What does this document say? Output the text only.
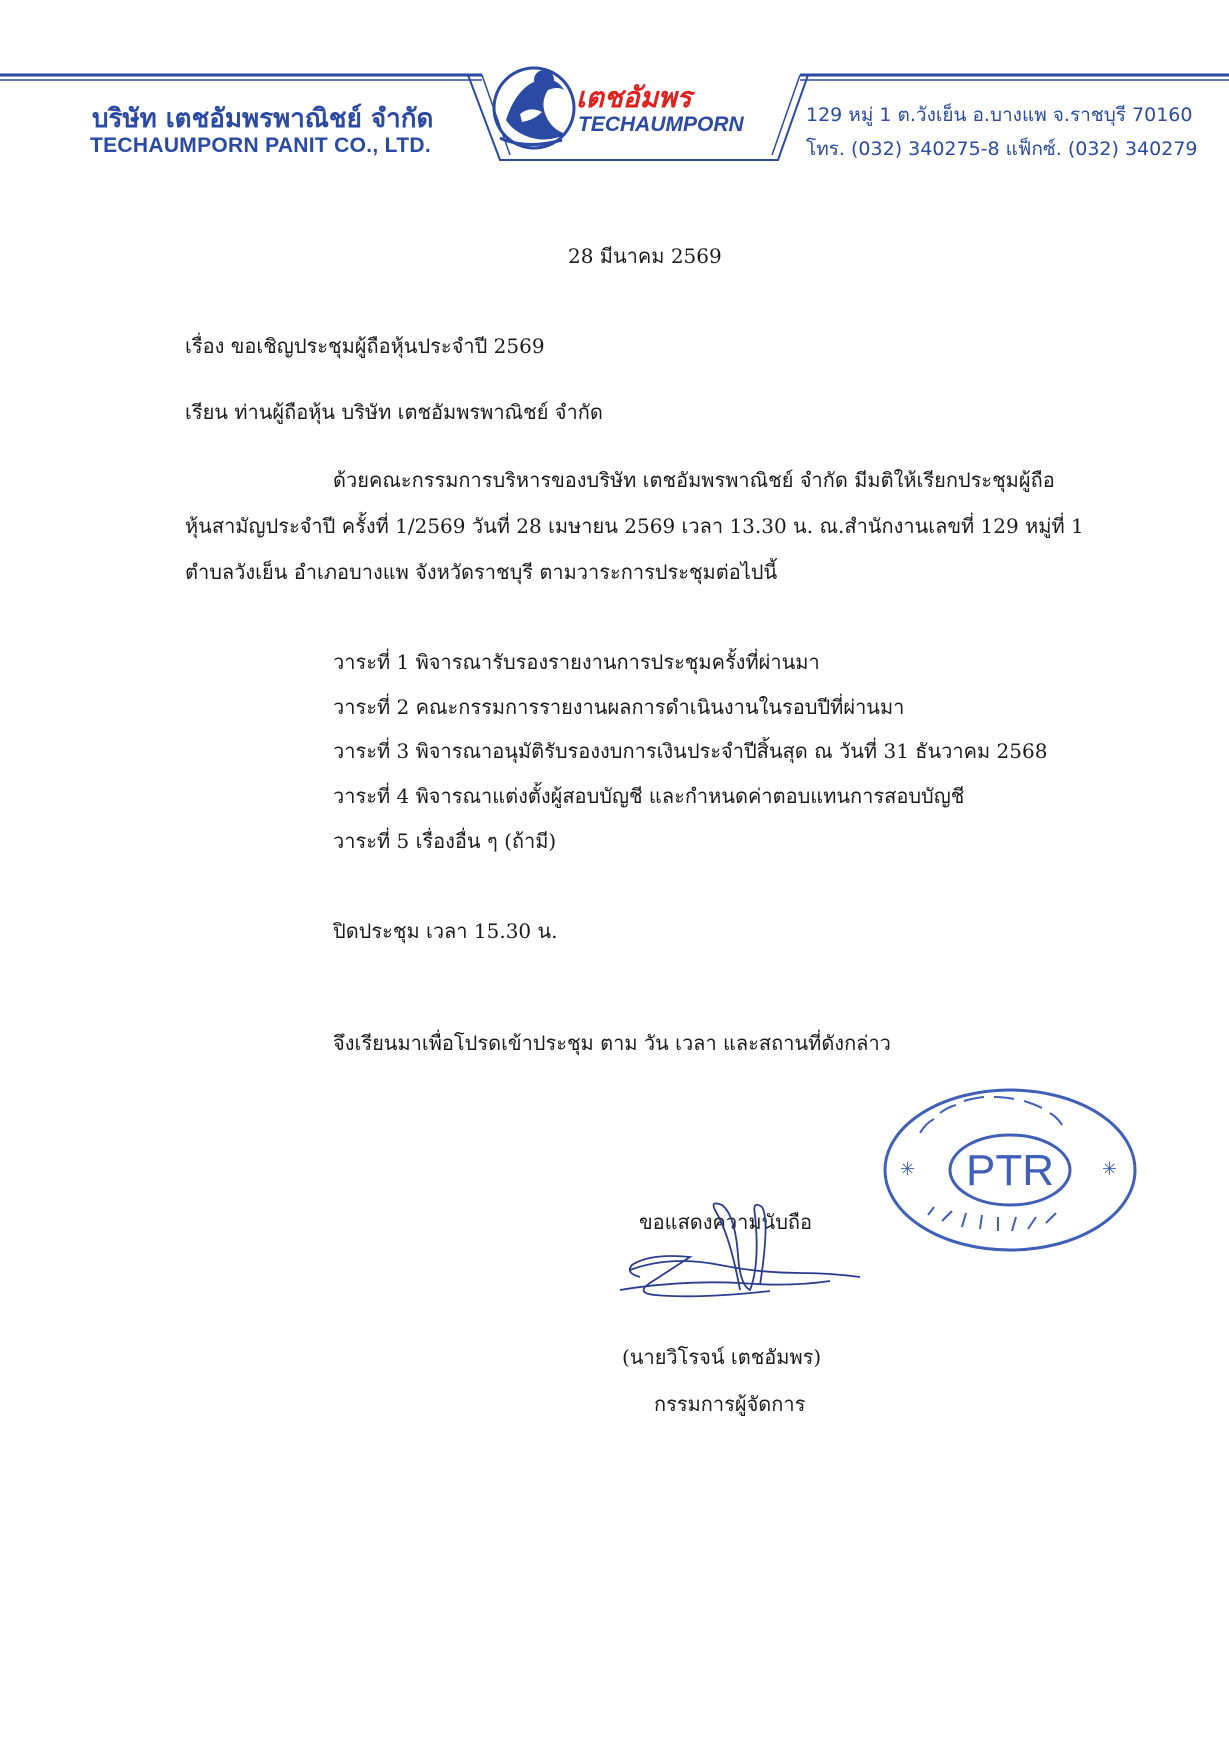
บริษัท เตชอัมพรพาณิชย์ จำกัด
TECHAUMPORN PANIT CO., LTD.
เตชอัมพร
TECHAUMPORN	129 หมู่ 1 ต.วังเย็น อ.บางแพ จ.ราชบุรี 70160
โทร. (032) 340275-8 แฟ็กซ์. (032) 340279
28 มีนาคม 2569
เรื่อง ขอเชิญประชุมผู้ถือหุ้นประจำปี 2569
เรียน ท่านผู้ถือหุ้น บริษัท เตชอัมพรพาณิชย์ จำกัด
ด้วยคณะกรรมการบริหารของบริษัท เตชอัมพรพาณิชย์ จำกัด มีมติให้เรียกประชุมผู้ถือ
หุ้นสามัญประจำปี ครั้งที่ 1/2569 วันที่ 28 เมษายน 2569 เวลา 13.30 น. ณ.สำนักงานเลขที่ 129 หมู่ที่ 1
ตำบลวังเย็น อำเภอบางแพ จังหวัดราชบุรี ตามวาระการประชุมต่อไปนี้
วาระที่ 1 พิจารณารับรองรายงานการประชุมครั้งที่ผ่านมา
วาระที่ 2 คณะกรรมการรายงานผลการดำเนินงานในรอบปีที่ผ่านมา
วาระที่ 3 พิจารณาอนุมัติรับรองงบการเงินประจำปีสิ้นสุด ณ วันที่ 31 ธันวาคม 2568
วาระที่ 4 พิจารณาแต่งตั้งผู้สอบบัญชี และกำหนดค่าตอบแทนการสอบบัญชี
วาระที่ 5 เรื่องอื่น ๆ (ถ้ามี)
ปิดประชุม เวลา 15.30 น.
จึงเรียนมาเพื่อโปรดเข้าประชุม ตาม วัน เวลา และสถานที่ดังกล่าว
PTR
✳	✳
ขอแสดงความนับถือ
(นายวิโรจน์ เตชอัมพร)
กรรมการผู้จัดการ
